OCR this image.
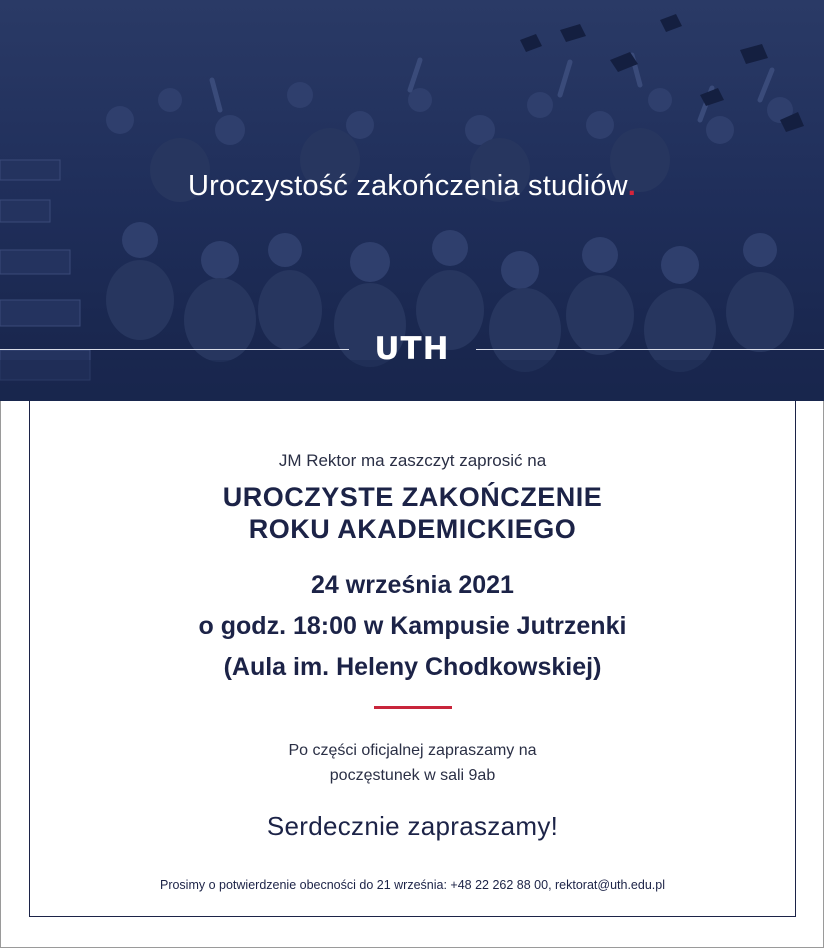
Uroczystość zakończenia studiów.
UTH
JM Rektor ma zaszczyt zaprosić na
UROCZYSTE ZAKOŃCZENIE
ROKU AKADEMICKIEGO
24 września 2021
o godz. 18:00 w Kampusie Jutrzenki
(Aula im. Heleny Chodkowskiej)
Po części oficjalnej zapraszamy na
poczęstunek w sali 9ab
Serdecznie zapraszamy!
Prosimy o potwierdzenie obecności do 21 września: +48 22 262 88 00, rektorat@uth.edu.pl
